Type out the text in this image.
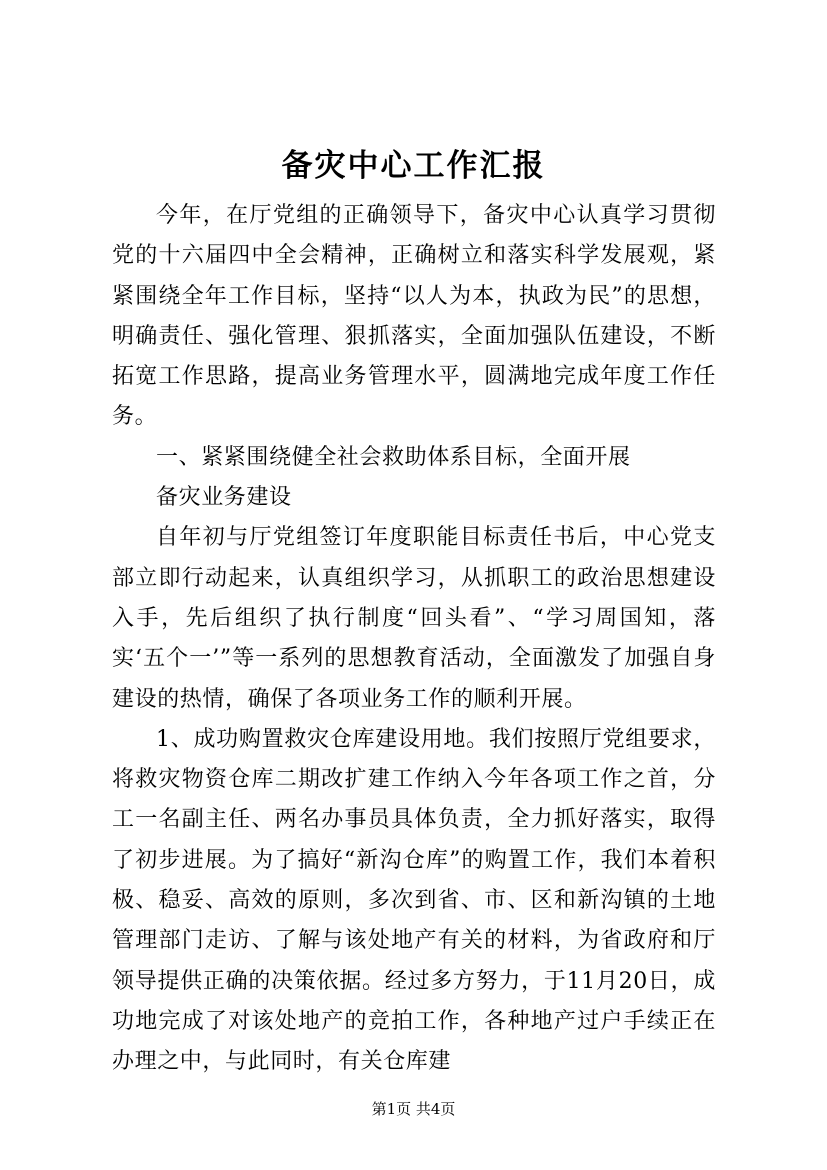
备灾中心工作汇报

今年，在厅党组的正确领导下，备灾中心认真学习贯彻党的十六届四中全会精神，正确树立和落实科学发展观，紧紧围绕全年工作目标，坚持“以人为本，执政为民”的思想，明确责任、强化管理、狠抓落实，全面加强队伍建设，不断拓宽工作思路，提高业务管理水平，圆满地完成年度工作任务。

一、紧紧围绕健全社会救助体系目标，全面开展

备灾业务建设

自年初与厅党组签订年度职能目标责任书后，中心党支部立即行动起来，认真组织学习，从抓职工的政治思想建设入手，先后组织了执行制度“回头看”、“学习周国知，落实‘五个一’”等一系列的思想教育活动，全面激发了加强自身建设的热情，确保了各项业务工作的顺利开展。

1、成功购置救灾仓库建设用地。我们按照厅党组要求，将救灾物资仓库二期改扩建工作纳入今年各项工作之首，分工一名副主任、两名办事员具体负责，全力抓好落实，取得了初步进展。为了搞好“新沟仓库”的购置工作，我们本着积极、稳妥、高效的原则，多次到省、市、区和新沟镇的土地管理部门走访、了解与该处地产有关的材料，为省政府和厅领导提供正确的决策依据。经过多方努力，于11月20日，成功地完成了对该处地产的竞拍工作，各种地产过户手续正在办理之中，与此同时，有关仓库建

第1页 共4页
